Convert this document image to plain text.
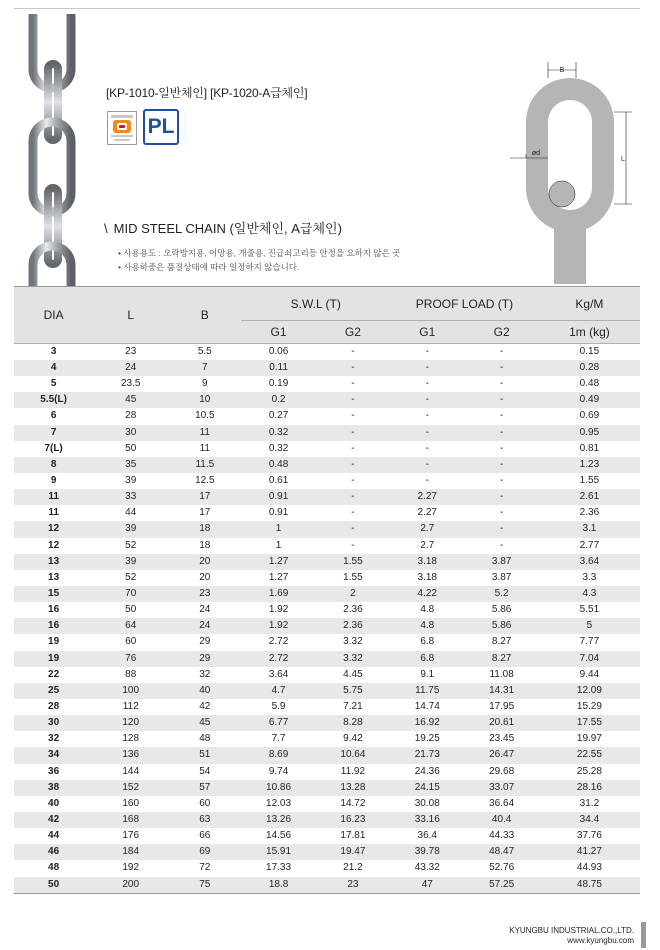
[KP-1010-일반체인] [KP-1020-A급체인]
PL
\ MID STEEL CHAIN (일반체인, A급체인)
• 사용용도 : 오락방지용, 어망용, 개줄용, 진급쇠고리등 안정을 요하지 않은 곳
• 사용하중은 품질상태에 따라 일정하지 않습니다.
B
L
ød
DIA	L	B	S.W.L (T)		PROOF LOAD (T)		Kg/M
			G1	G2	G1	G2	1m (kg)
3	23	5.5	0.06	-	-	-	0.15
4	24	7	0.11	-	-	-	0.28
5	23.5	9	0.19	-	-	-	0.48
5.5(L)	45	10	0.2	-	-	-	0.49
6	28	10.5	0.27	-	-	-	0.69
7	30	11	0.32	-	-	-	0.95
7(L)	50	11	0.32	-	-	-	0.81
8	35	11.5	0.48	-	-	-	1.23
9	39	12.5	0.61	-	-	-	1.55
11	33	17	0.91	-	2.27	-	2.61
11	44	17	0.91	-	2.27	-	2.36
12	39	18	1	-	2.7	-	3.1
12	52	18	1	-	2.7	-	2.77
13	39	20	1.27	1.55	3.18	3.87	3.64
13	52	20	1.27	1.55	3.18	3.87	3.3
15	70	23	1.69	2	4.22	5.2	4.3
16	50	24	1.92	2.36	4.8	5.86	5.51
16	64	24	1.92	2.36	4.8	5.86	5
19	60	29	2.72	3.32	6.8	8.27	7.77
19	76	29	2.72	3.32	6.8	8.27	7.04
22	88	32	3.64	4.45	9.1	11.08	9.44
25	100	40	4.7	5.75	11.75	14.31	12.09
28	112	42	5.9	7.21	14.74	17.95	15.29
30	120	45	6.77	8.28	16.92	20.61	17.55
32	128	48	7.7	9.42	19.25	23.45	19.97
34	136	51	8.69	10.64	21.73	26.47	22.55
36	144	54	9.74	11.92	24.36	29.68	25.28
38	152	57	10.86	13.28	24.15	33.07	28.16
40	160	60	12.03	14.72	30.08	36.64	31.2
42	168	63	13.26	16.23	33.16	40.4	34.4
44	176	66	14.56	17.81	36.4	44.33	37.76
46	184	69	15.91	19.47	39.78	48.47	41.27
48	192	72	17.33	21.2	43.32	52.76	44.93
50	200	75	18.8	23	47	57.25	48.75
KYUNGBU INDUSTRIAL.CO.,LTD.
www.kyungbu.com
